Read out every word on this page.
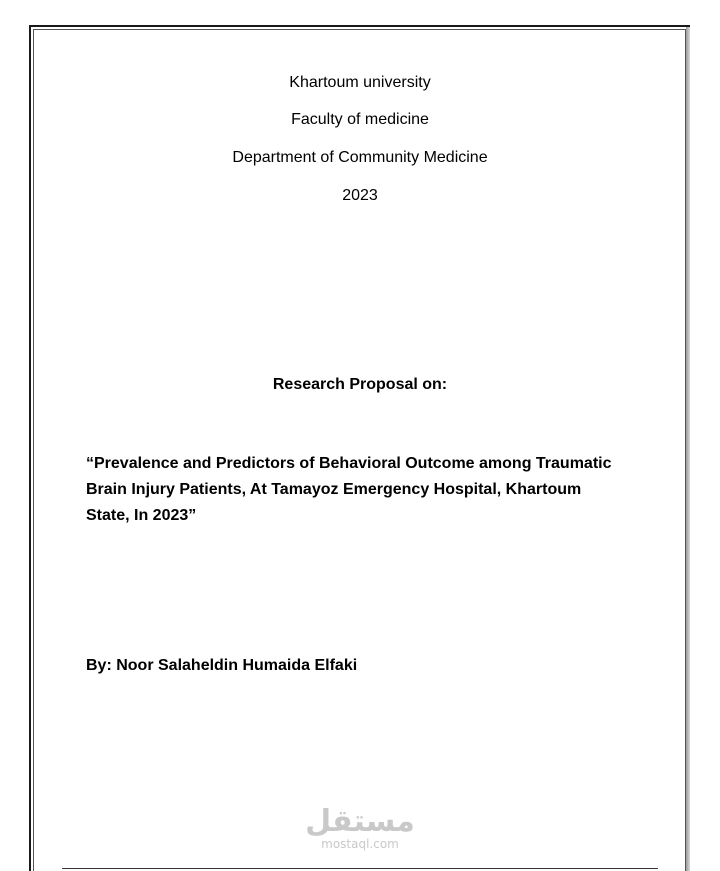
Khartoum university
Faculty of medicine
Department of Community Medicine
2023
Research Proposal on:
“Prevalence and Predictors of Behavioral Outcome among Traumatic
Brain Injury Patients, At Tamayoz Emergency Hospital, Khartoum
State, In 2023”
By: Noor Salaheldin Humaida Elfaki
مستقل
mostaql.com
